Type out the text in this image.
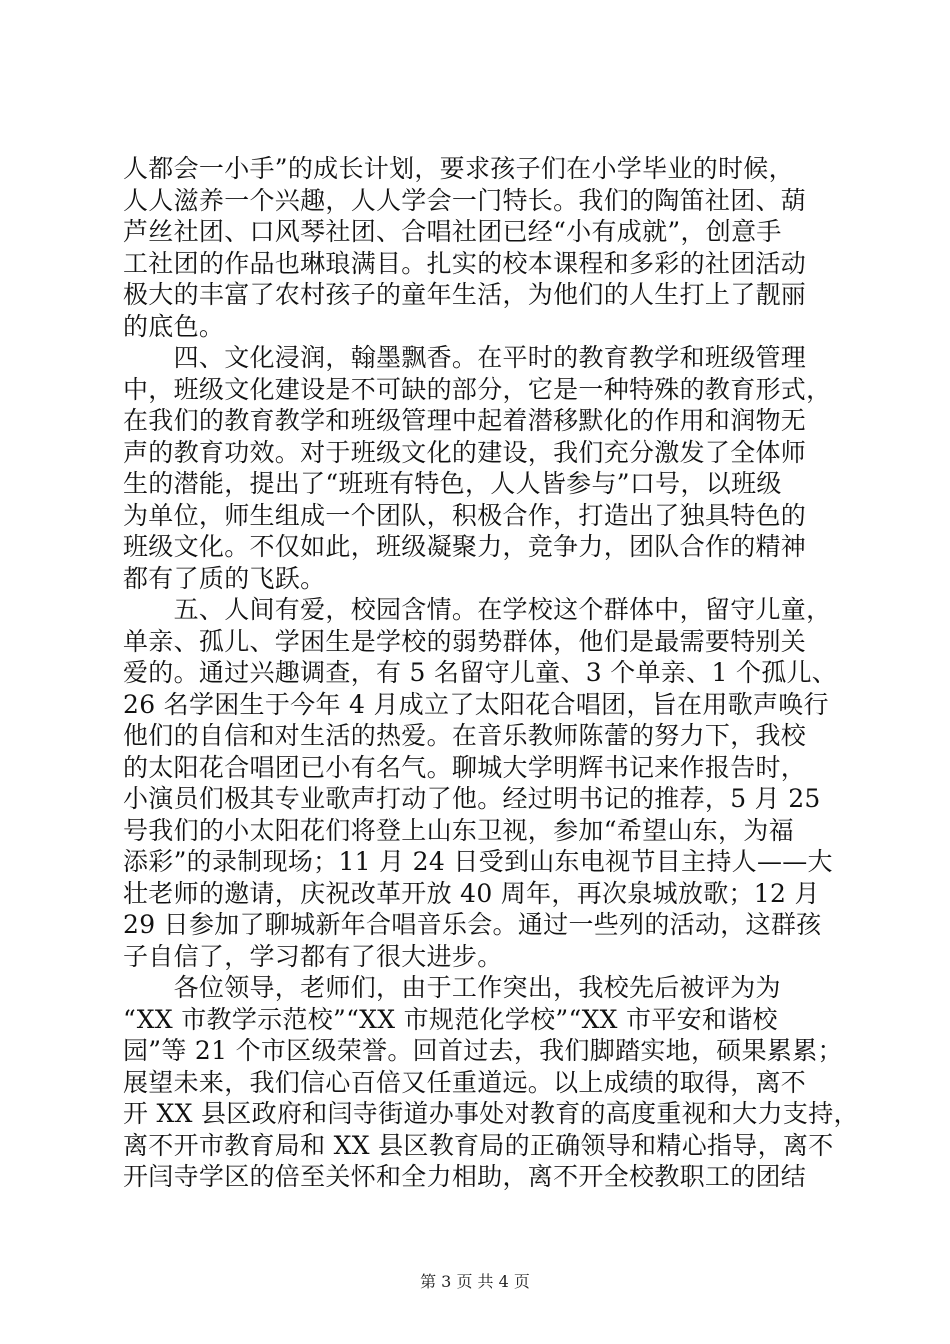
人都会一小手”的成长计划，要求孩子们在小学毕业的时候，
人人滋养一个兴趣，人人学会一门特长。我们的陶笛社团、葫
芦丝社团、口风琴社团、合唱社团已经“小有成就”，创意手
工社团的作品也琳琅满目。扎实的校本课程和多彩的社团活动
极大的丰富了农村孩子的童年生活，为他们的人生打上了靓丽
的底色。
　　四、文化浸润，翰墨飘香。在平时的教育教学和班级管理
中，班级文化建设是不可缺的部分，它是一种特殊的教育形式，
在我们的教育教学和班级管理中起着潜移默化的作用和润物无
声的教育功效。对于班级文化的建设，我们充分激发了全体师
生的潜能，提出了“班班有特色，人人皆参与”口号，以班级
为单位，师生组成一个团队，积极合作，打造出了独具特色的
班级文化。不仅如此，班级凝聚力，竞争力，团队合作的精神
都有了质的飞跃。
　　五、人间有爱，校园含情。在学校这个群体中，留守儿童，
单亲、孤儿、学困生是学校的弱势群体，他们是最需要特别关
爱的。通过兴趣调查，有 5 名留守儿童、3 个单亲、1 个孤儿、
26 名学困生于今年 4 月成立了太阳花合唱团，旨在用歌声唤行
他们的自信和对生活的热爱。在音乐教师陈蕾的努力下，我校
的太阳花合唱团已小有名气。聊城大学明辉书记来作报告时，
小演员们极其专业歌声打动了他。经过明书记的推荐，5 月 25
号我们的小太阳花们将登上山东卫视，参加“希望山东，为福
添彩”的录制现场；11 月 24 日受到山东电视节目主持人——大
壮老师的邀请，庆祝改革开放 40 周年，再次泉城放歌；12 月
29 日参加了聊城新年合唱音乐会。通过一些列的活动，这群孩
子自信了，学习都有了很大进步。
　　各位领导，老师们，由于工作突出，我校先后被评为为
“XX 市教学示范校”“XX 市规范化学校”“XX 市平安和谐校
园”等 21 个市区级荣誉。回首过去，我们脚踏实地，硕果累累；
展望未来，我们信心百倍又任重道远。以上成绩的取得，离不
开 XX 县区政府和闫寺街道办事处对教育的高度重视和大力支持，
离不开市教育局和 XX 县区教育局的正确领导和精心指导，离不
开闫寺学区的倍至关怀和全力相助，离不开全校教职工的团结
第 3 页 共 4 页
